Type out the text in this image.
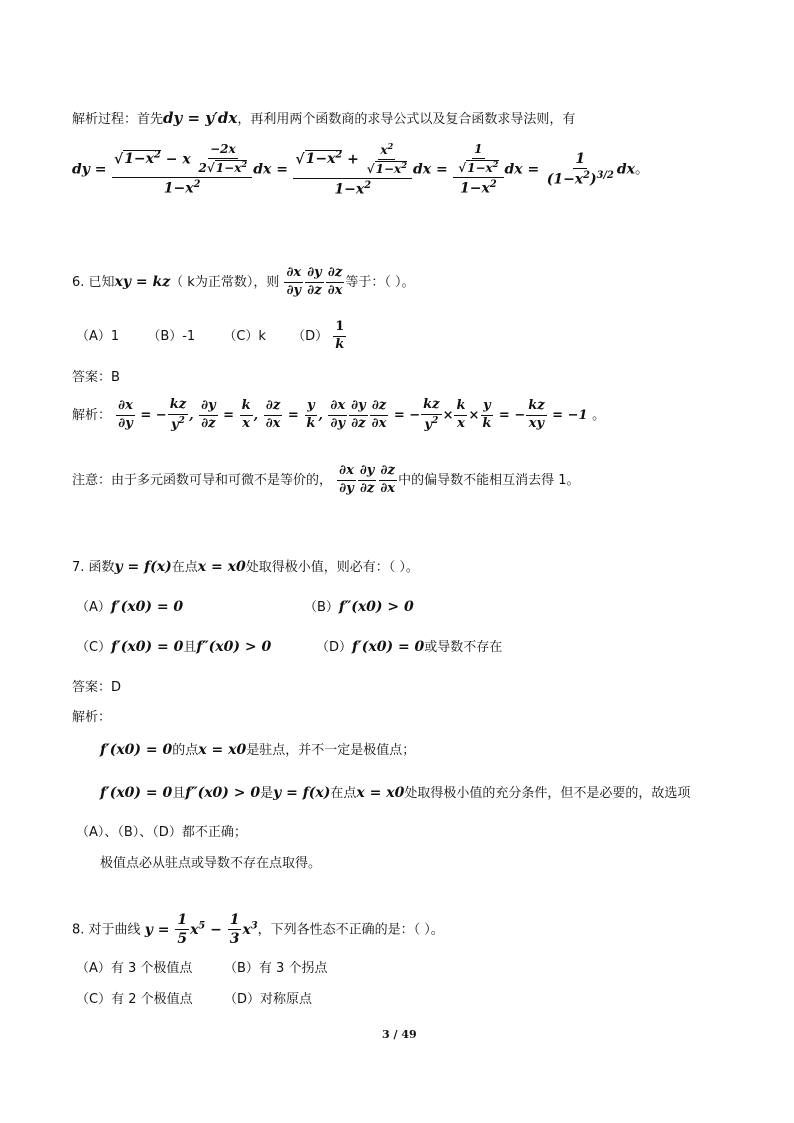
解析过程：首先dy = y′dx，再利用两个函数商的求导公式以及复合函数求导法则，有
dy = $\frac{√1-x^2 - x \frac{-2x}{2√1-x^2}}{1-x^2}$ dx = $\frac{√1-x^2 + \frac{x^2}{√1-x^2}}{1-x^2}$ dx = $\frac{\frac{1}{√1-x^2}}{1-x^2}$ dx = $\frac{1}{(1-x^2)^{3/2}}$ dx。
6. 已知xy = kz（ k为正常数），则 $\frac{\partial x}{\partial y} \frac{\partial y}{\partial z} \frac{\partial z}{\partial x}$ 等于：（ ）。
（A）1 （B）-1 （C）k $(D) \frac{1}{k}$
答案：B
解析： $\frac{\partial x}{\partial y}$ = − $\frac{kz}{y^2}$ , $\frac{\partial y}{\partial z} = \frac{k}{x}$ , $\frac{\partial z}{\partial x} = \frac{y}{k}$ , $\frac{\partial x}{\partial y} \frac{\partial y}{\partial z} \frac{\partial z}{\partial x}$ = − $\frac{kz}{y^2} \times \frac{k}{x} \times \frac{y}{k}$ = − $\frac{kz}{xy} = -1$ 。
注意：由于多元函数可导和可微不是等价的， $\frac{\partial x}{\partial y} \frac{\partial y}{\partial z} \frac{\partial z}{\partial x}$ 中的偏导数不能相互消去得 1。
7. 函数y = f(x)在点x = x0处取得极小值，则必有：（ ）。
（A）f′(x0) = 0	（B）f″(x0) > 0
（C）f′(x0) = 0且f″(x0) > 0	（D）f′(x0) = 0或导数不存在
答案：D
解析：
f′(x0) = 0的点x = x0是驻点，并不一定是极值点；
f′(x0) = 0且f″(x0) > 0是y = f(x)在点x = x0处取得极小值的充分条件，但不是必要的，故选项
（A）、（B）、（D）都不正确；
极值点必从驻点或导数不存在点取得。
8. 对于曲线 $y = \frac{1}{5} x^5 - \frac{1}{3} x^3$，下列各性态不正确的是：（ ）。
（A）有 3 个极值点 （B）有 3 个拐点
（C）有 2 个极值点 （D）对称原点
3 / 49
